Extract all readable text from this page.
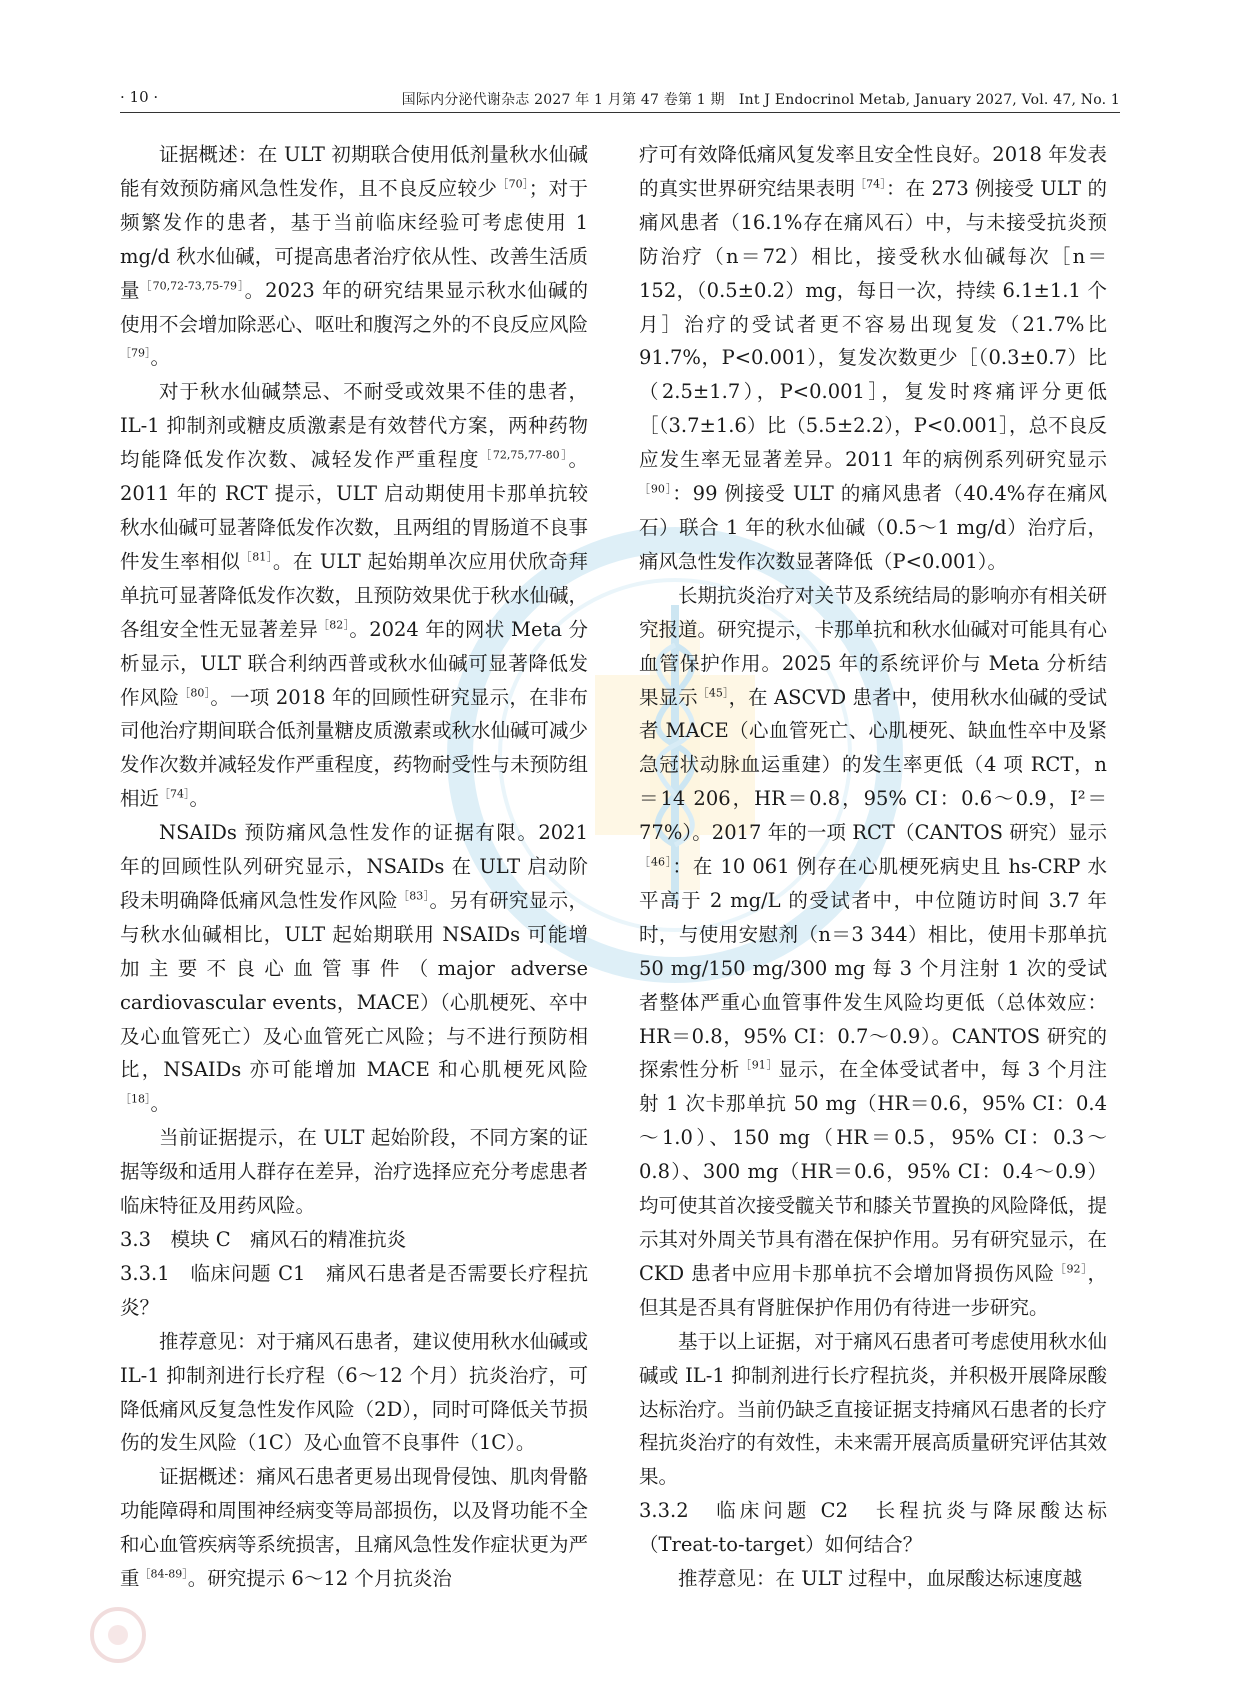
· 10 ·	国际内分泌代谢杂志 2027 年 1 月第 47 卷第 1 期　Int J Endocrinol Metab, January 2027, Vol. 47, No. 1

证据概述：在 ULT 初期联合使用低剂量秋水仙碱能有效预防痛风急性发作，且不良反应较少$^{[70]}$；对于频繁发作的患者，基于当前临床经验可考虑使用 1 mg/d 秋水仙碱，可提高患者治疗依从性、改善生活质量$^{[70,72-73,75-79]}$。2023 年的研究结果显示秋水仙碱的使用不会增加除恶心、呕吐和腹泻之外的不良反应风险$^{[79]}$。

对于秋水仙碱禁忌、不耐受或效果不佳的患者，IL-1 抑制剂或糖皮质激素是有效替代方案，两种药物均能降低发作次数、减轻发作严重程度$^{[72,75,77-80]}$。2011 年的 RCT 提示，ULT 启动期使用卡那单抗较秋水仙碱可显著降低发作次数，且两组的胃肠道不良事件发生率相似$^{[81]}$。在 ULT 起始期单次应用伏欣奇拜单抗可显著降低发作次数，且预防效果优于秋水仙碱，各组安全性无显著差异$^{[82]}$。2024 年的网状 Meta 分析显示，ULT 联合利纳西普或秋水仙碱可显著降低发作风险$^{[80]}$。一项 2018 年的回顾性研究显示，在非布司他治疗期间联合低剂量糖皮质激素或秋水仙碱可减少发作次数并减轻发作严重程度，药物耐受性与未预防组相近$^{[74]}$。

NSAIDs 预防痛风急性发作的证据有限。2021 年的回顾性队列研究显示，NSAIDs 在 ULT 启动阶段未明确降低痛风急性发作风险$^{[83]}$。另有研究显示，与秋水仙碱相比，ULT 起始期联用 NSAIDs 可能增加主要不良心血管事件（major adverse cardiovascular events，MACE）（心肌梗死、卒中及心血管死亡）及心血管死亡风险；与不进行预防相比，NSAIDs 亦可能增加 MACE 和心肌梗死风险$^{[18]}$。

当前证据提示，在 ULT 起始阶段，不同方案的证据等级和适用人群存在差异，治疗选择应充分考虑患者临床特征及用药风险。

3.3　模块 C　痛风石的精准抗炎

3.3.1　临床问题 C1　痛风石患者是否需要长疗程抗炎？

推荐意见：对于痛风石患者，建议使用秋水仙碱或 IL-1 抑制剂进行长疗程（6～12 个月）抗炎治疗，可降低痛风反复急性发作风险（2D），同时可降低关节损伤的发生风险（1C）及心血管不良事件（1C）。

证据概述：痛风石患者更易出现骨侵蚀、肌肉骨骼功能障碍和周围神经病变等局部损伤，以及肾功能不全和心血管疾病等系统损害，且痛风急性发作症状更为严重$^{[84-89]}$。研究提示 6～12 个月抗炎治

疗可有效降低痛风复发率且安全性良好。2018 年发表的真实世界研究结果表明$^{[74]}$：在 273 例接受 ULT 的痛风患者（16.1%存在痛风石）中，与未接受抗炎预防治疗（n＝72）相比，接受秋水仙碱每次［n＝152，（0.5±0.2）mg，每日一次，持续 6.1±1.1 个月］治疗的受试者更不容易出现复发（21.7%比 91.7%，P<0.001），复发次数更少［（0.3±0.7）比（2.5±1.7），P<0.001］，复发时疼痛评分更低［（3.7±1.6）比（5.5±2.2），P<0.001］，总不良反应发生率无显著差异。2011 年的病例系列研究显示$^{[90]}$：99 例接受 ULT 的痛风患者（40.4%存在痛风石）联合 1 年的秋水仙碱（0.5～1 mg/d）治疗后，痛风急性发作次数显著降低（P<0.001）。

长期抗炎治疗对关节及系统结局的影响亦有相关研究报道。研究提示，卡那单抗和秋水仙碱对可能具有心血管保护作用。2025 年的系统评价与 Meta 分析结果显示$^{[45]}$，在 ASCVD 患者中，使用秋水仙碱的受试者 MACE（心血管死亡、心肌梗死、缺血性卒中及紧急冠状动脉血运重建）的发生率更低（4 项 RCT，n＝14 206，HR＝0.8，95% CI：0.6～0.9，I²＝77%）。2017 年的一项 RCT（CANTOS 研究）显示$^{[46]}$：在 10 061 例存在心肌梗死病史且 hs-CRP 水平高于 2 mg/L 的受试者中，中位随访时间 3.7 年时，与使用安慰剂（n＝3 344）相比，使用卡那单抗 50 mg/150 mg/300 mg 每 3 个月注射 1 次的受试者整体严重心血管事件发生风险均更低（总体效应：HR＝0.8，95% CI：0.7～0.9）。CANTOS 研究的探索性分析$^{[91]}$显示，在全体受试者中，每 3 个月注射 1 次卡那单抗 50 mg（HR＝0.6，95% CI：0.4～1.0）、150 mg（HR＝0.5，95% CI：0.3～0.8）、300 mg（HR＝0.6，95% CI：0.4～0.9）均可使其首次接受髋关节和膝关节置换的风险降低，提示其对外周关节具有潜在保护作用。另有研究显示，在 CKD 患者中应用卡那单抗不会增加肾损伤风险$^{[92]}$，但其是否具有肾脏保护作用仍有待进一步研究。

基于以上证据，对于痛风石患者可考虑使用秋水仙碱或 IL-1 抑制剂进行长疗程抗炎，并积极开展降尿酸达标治疗。当前仍缺乏直接证据支持痛风石患者的长疗程抗炎治疗的有效性，未来需开展高质量研究评估其效果。

3.3.2　临床问题 C2　长程抗炎与降尿酸达标（Treat-to-target）如何结合？

推荐意见：在 ULT 过程中，血尿酸达标速度越
